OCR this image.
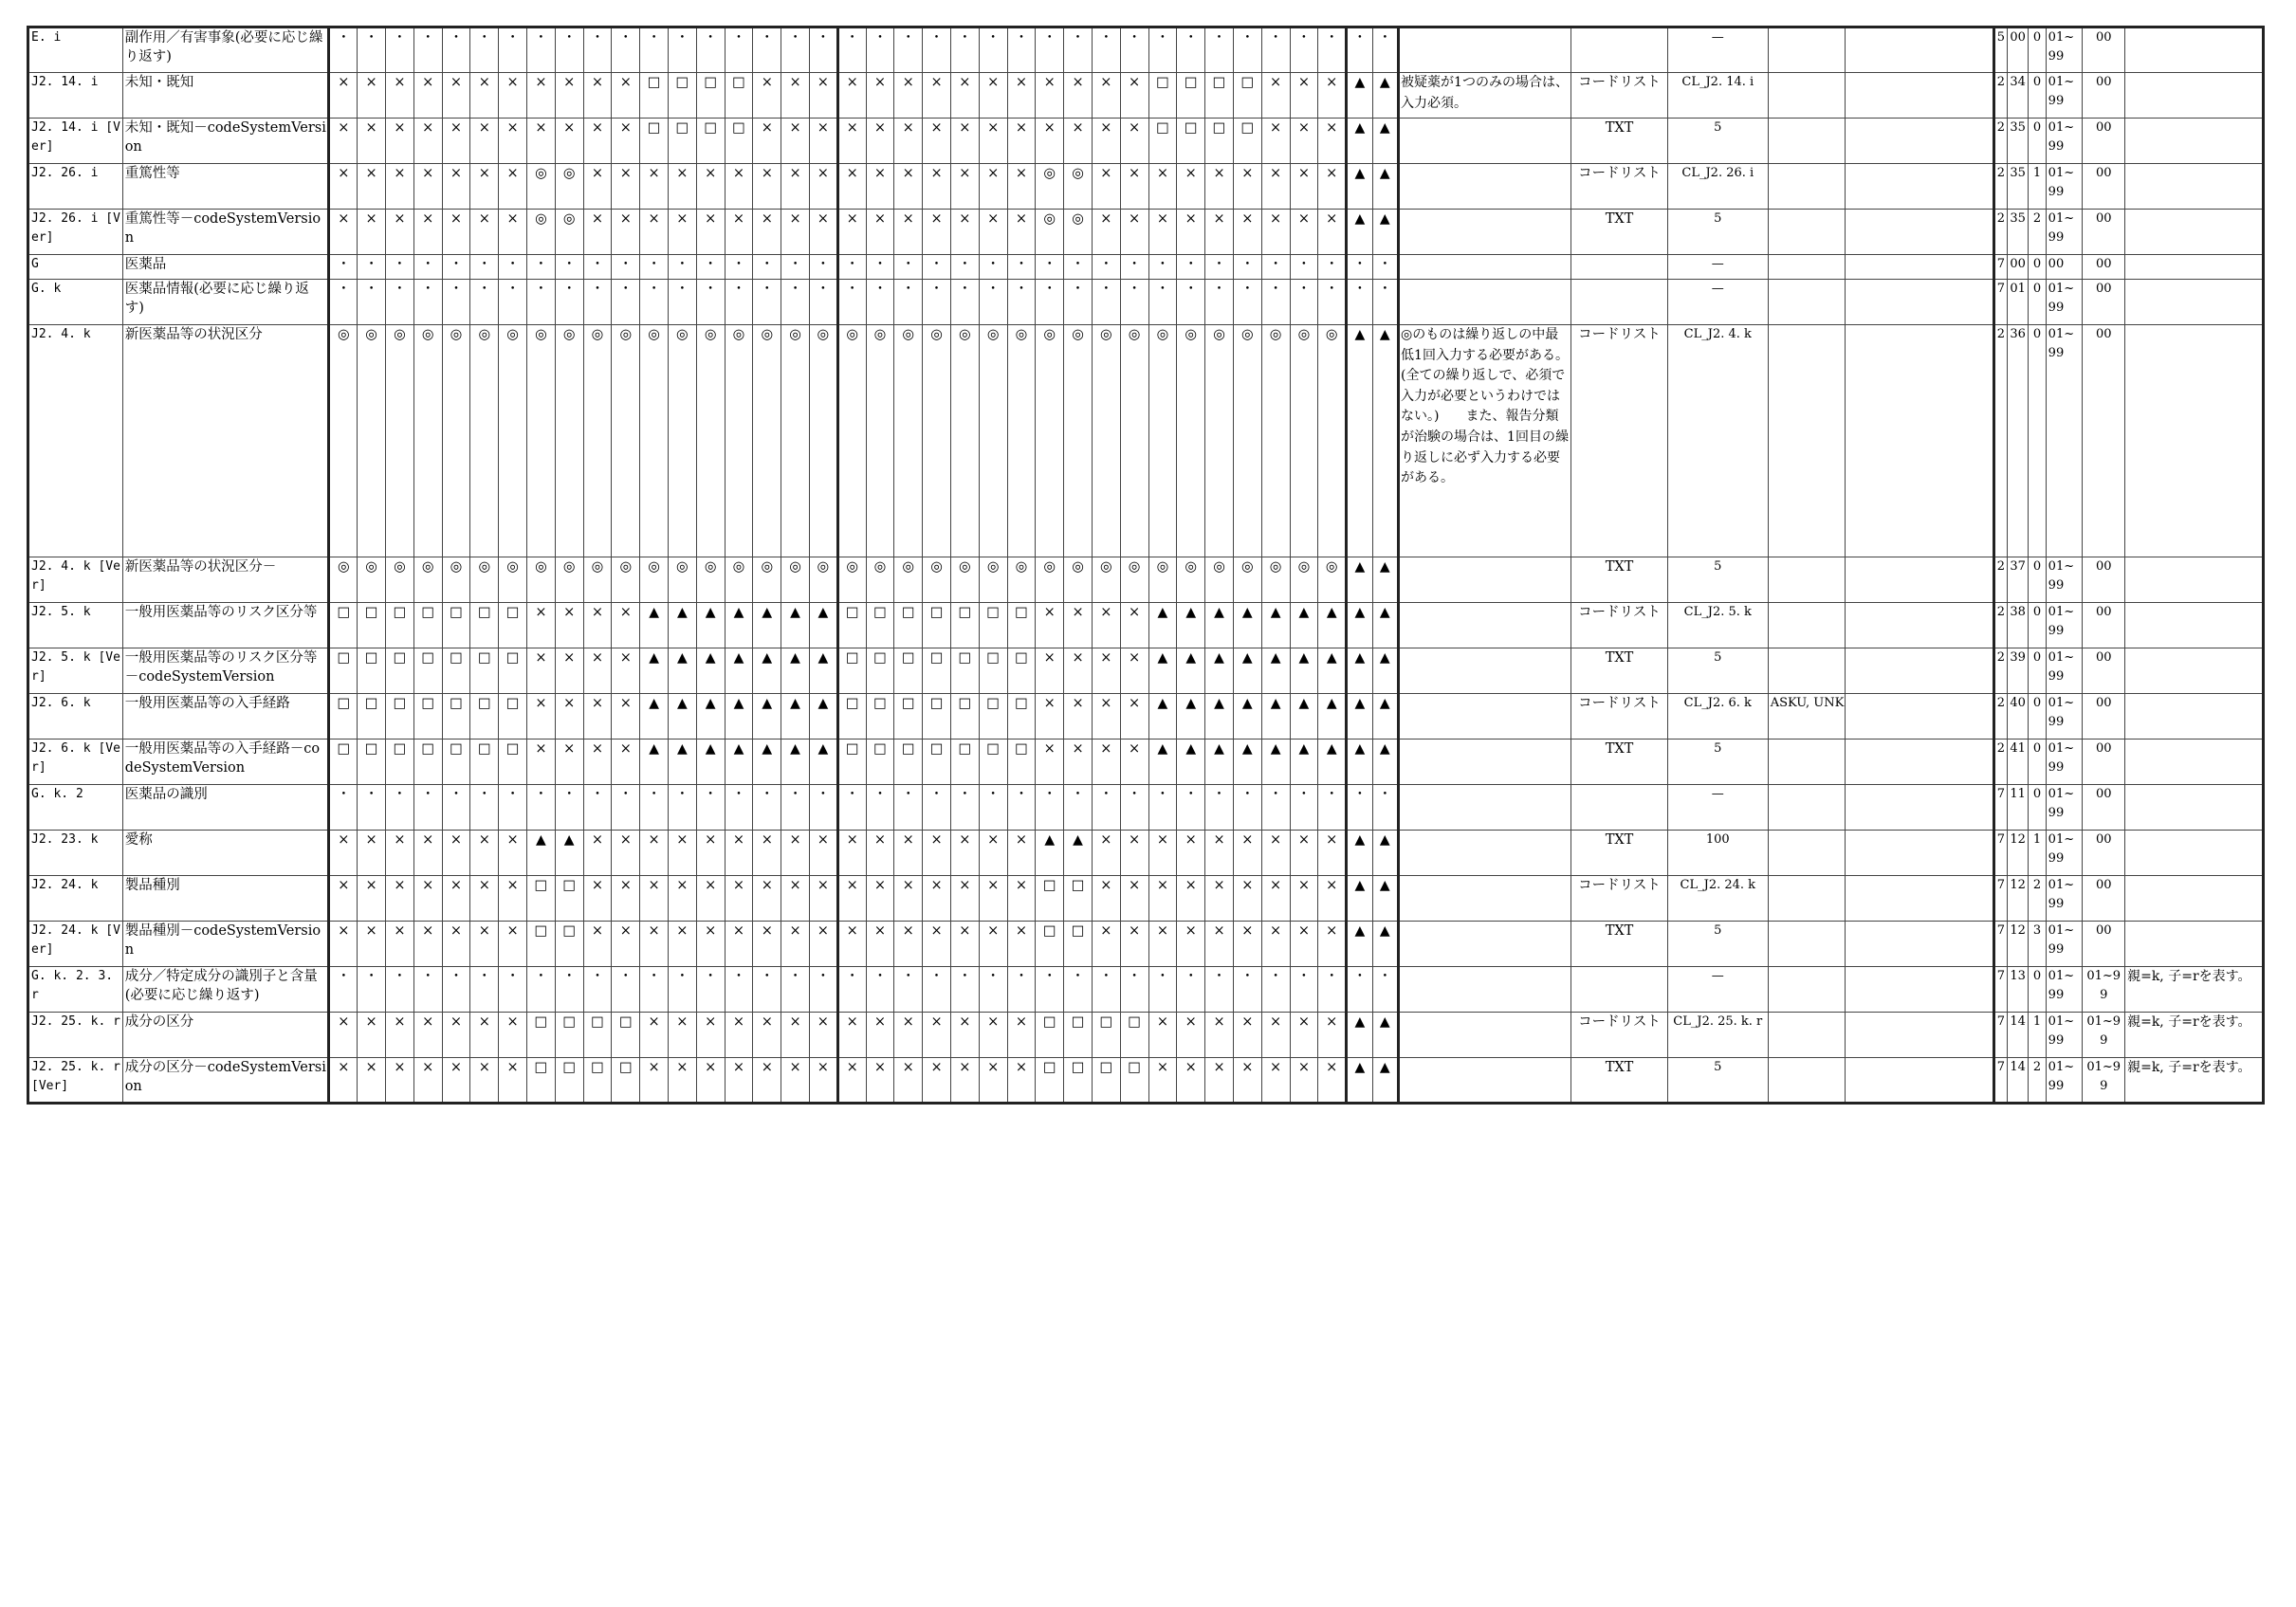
E. i	副作用／有害事象(必要に応じ繰り返す)	・	・	・	・	・	・	・	・	・	・	・	・	・	・	・	・	・	・	・	・	・	・	・	・	・	・	・	・	・	・	・	・	・	・	・	・	・	・			—			5	00	0	01~99	00	
J2. 14. i	未知・既知	×	×	×	×	×	×	×	×	×	×	×	□	□	□	□	×	×	×	×	×	×	×	×	×	×	×	×	×	×	□	□	□	□	×	×	×	▲	▲	被疑薬が1つのみの場合は、入力必須。	コードリスト	CL_J2. 14. i			2	34	0	01~99	00	
J2. 14. i [Ver]	未知・既知－codeSystemVersion	×	×	×	×	×	×	×	×	×	×	×	□	□	□	□	×	×	×	×	×	×	×	×	×	×	×	×	×	×	□	□	□	□	×	×	×	▲	▲		TXT	5			2	35	0	01~99	00	
J2. 26. i	重篤性等	×	×	×	×	×	×	×	◎	◎	×	×	×	×	×	×	×	×	×	×	×	×	×	×	×	×	◎	◎	×	×	×	×	×	×	×	×	×	▲	▲		コードリスト	CL_J2. 26. i			2	35	1	01~99	00	
J2. 26. i [Ver]	重篤性等－codeSystemVersion	×	×	×	×	×	×	×	◎	◎	×	×	×	×	×	×	×	×	×	×	×	×	×	×	×	×	◎	◎	×	×	×	×	×	×	×	×	×	▲	▲		TXT	5			2	35	2	01~99	00	
G	医薬品	・	・	・	・	・	・	・	・	・	・	・	・	・	・	・	・	・	・	・	・	・	・	・	・	・	・	・	・	・	・	・	・	・	・	・	・	・	・			—			7	00	0	00	00	
G. k	医薬品情報(必要に応じ繰り返す)	・	・	・	・	・	・	・	・	・	・	・	・	・	・	・	・	・	・	・	・	・	・	・	・	・	・	・	・	・	・	・	・	・	・	・	・	・	・			—			7	01	0	01~99	00	
J2. 4. k	新医薬品等の状況区分	◎	◎	◎	◎	◎	◎	◎	◎	◎	◎	◎	◎	◎	◎	◎	◎	◎	◎	◎	◎	◎	◎	◎	◎	◎	◎	◎	◎	◎	◎	◎	◎	◎	◎	◎	◎	▲	▲	◎のものは繰り返しの中最低1回入力する必要がある。(全ての繰り返しで、必須で入力が必要というわけではない。)　　また、報告分類が治験の場合は、1回目の繰り返しに必ず入力する必要がある。	コードリスト	CL_J2. 4. k			2	36	0	01~99	00	
J2. 4. k [Ver]	新医薬品等の状況区分－	◎	◎	◎	◎	◎	◎	◎	◎	◎	◎	◎	◎	◎	◎	◎	◎	◎	◎	◎	◎	◎	◎	◎	◎	◎	◎	◎	◎	◎	◎	◎	◎	◎	◎	◎	◎	▲	▲		TXT	5			2	37	0	01~99	00	
J2. 5. k	一般用医薬品等のリスク区分等	□	□	□	□	□	□	□	×	×	×	×	▲	▲	▲	▲	▲	▲	▲	□	□	□	□	□	□	□	×	×	×	×	▲	▲	▲	▲	▲	▲	▲	▲	▲		コードリスト	CL_J2. 5. k			2	38	0	01~99	00	
J2. 5. k [Ver]	一般用医薬品等のリスク区分等－codeSystemVersion	□	□	□	□	□	□	□	×	×	×	×	▲	▲	▲	▲	▲	▲	▲	□	□	□	□	□	□	□	×	×	×	×	▲	▲	▲	▲	▲	▲	▲	▲	▲		TXT	5			2	39	0	01~99	00	
J2. 6. k	一般用医薬品等の入手経路	□	□	□	□	□	□	□	×	×	×	×	▲	▲	▲	▲	▲	▲	▲	□	□	□	□	□	□	□	×	×	×	×	▲	▲	▲	▲	▲	▲	▲	▲	▲		コードリスト	CL_J2. 6. k	ASKU, UNK		2	40	0	01~99	00	
J2. 6. k [Ver]	一般用医薬品等の入手経路－codeSystemVersion	□	□	□	□	□	□	□	×	×	×	×	▲	▲	▲	▲	▲	▲	▲	□	□	□	□	□	□	□	×	×	×	×	▲	▲	▲	▲	▲	▲	▲	▲	▲		TXT	5			2	41	0	01~99	00	
G. k. 2	医薬品の識別	・	・	・	・	・	・	・	・	・	・	・	・	・	・	・	・	・	・	・	・	・	・	・	・	・	・	・	・	・	・	・	・	・	・	・	・	・	・			—			7	11	0	01~99	00	
J2. 23. k	愛称	×	×	×	×	×	×	×	▲	▲	×	×	×	×	×	×	×	×	×	×	×	×	×	×	×	×	▲	▲	×	×	×	×	×	×	×	×	×	▲	▲		TXT	100			7	12	1	01~99	00	
J2. 24. k	製品種別	×	×	×	×	×	×	×	□	□	×	×	×	×	×	×	×	×	×	×	×	×	×	×	×	×	□	□	×	×	×	×	×	×	×	×	×	▲	▲		コードリスト	CL_J2. 24. k			7	12	2	01~99	00	
J2. 24. k [Ver]	製品種別－codeSystemVersion	×	×	×	×	×	×	×	□	□	×	×	×	×	×	×	×	×	×	×	×	×	×	×	×	×	□	□	×	×	×	×	×	×	×	×	×	▲	▲		TXT	5			7	12	3	01~99	00	
G. k. 2. 3. r	成分／特定成分の識別子と含量(必要に応じ繰り返す)	・	・	・	・	・	・	・	・	・	・	・	・	・	・	・	・	・	・	・	・	・	・	・	・	・	・	・	・	・	・	・	・	・	・	・	・	・	・			—			7	13	0	01~99	01~99	親=k, 子=rを表す。
J2. 25. k. r	成分の区分	×	×	×	×	×	×	×	□	□	□	□	×	×	×	×	×	×	×	×	×	×	×	×	×	×	□	□	□	□	×	×	×	×	×	×	×	▲	▲		コードリスト	CL_J2. 25. k. r			7	14	1	01~99	01~99	親=k, 子=rを表す。
J2. 25. k. r [Ver]	成分の区分－codeSystemVersion	×	×	×	×	×	×	×	□	□	□	□	×	×	×	×	×	×	×	×	×	×	×	×	×	×	□	□	□	□	×	×	×	×	×	×	×	▲	▲		TXT	5			7	14	2	01~99	01~99	親=k, 子=rを表す。
